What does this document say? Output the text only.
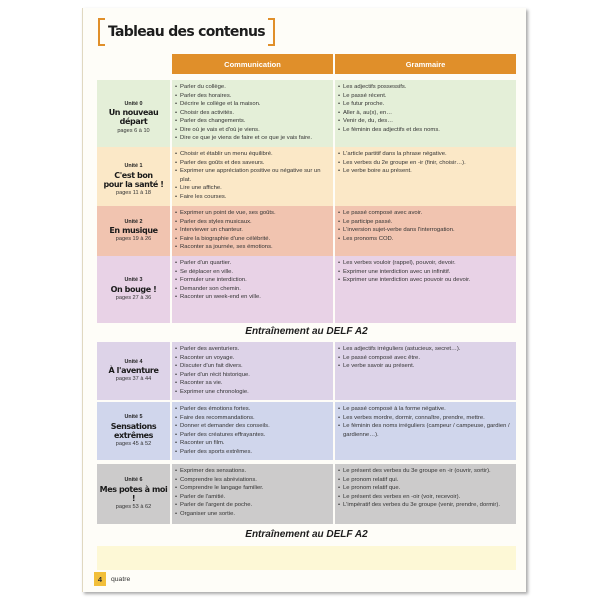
Tableau des contenus
Communication	Grammaire
Unité 0
Un nouveau
départ
pages 6 à 10
• Parler du collège.
• Parler des horaires.
• Décrire le collège et la maison.
• Choisir des activités.
• Parler des changements.
• Dire où je vais et d'où je viens.
• Dire ce que je viens de faire et ce que je vais faire.
• Les adjectifs possessifs.
• Le passé récent.
• Le futur proche.
• Aller à, au(x), en…
• Venir de, du, des…
• Le féminin des adjectifs et des noms.
Unité 1
C'est bon
pour la santé !
pages 11 à 18
• Choisir et établir un menu équilibré.
• Parler des goûts et des saveurs.
• Exprimer une appréciation positive ou négative sur un plat.
• Lire une affiche.
• Faire les courses.
• L'article partitif dans la phrase négative.
• Les verbes du 2e groupe en -ir (finir, choisir…).
• Le verbe boire au présent.
Unité 2
En musique
pages 19 à 26
• Exprimer un point de vue, ses goûts.
• Parler des styles musicaux.
• Interviewer un chanteur.
• Faire la biographie d'une célébrité.
• Raconter sa journée, ses émotions.
• Le passé composé avec avoir.
• Le participe passé.
• L'inversion sujet-verbe dans l'interrogation.
• Les pronoms COD.
Unité 3
On bouge !
pages 27 à 36
• Parler d'un quartier.
• Se déplacer en ville.
• Formuler une interdiction.
• Demander son chemin.
• Raconter un week-end en ville.
• Les verbes vouloir (rappel), pouvoir, devoir.
• Exprimer une interdiction avec un infinitif.
• Exprimer une interdiction avec pouvoir ou devoir.
Entraînement au DELF A2
Unité 4
À l'aventure
pages 37 à 44
• Parler des aventuriers.
• Raconter un voyage.
• Discuter d'un fait divers.
• Parler d'un récit historique.
• Raconter sa vie.
• Exprimer une chronologie.
• Les adjectifs irréguliers (astucieux, secret…).
• Le passé composé avec être.
• Le verbe savoir au présent.
Unité 5
Sensations
extrêmes
pages 45 à 52
• Parler des émotions fortes.
• Faire des recommandations.
• Donner et demander des conseils.
• Parler des créatures effrayantes.
• Raconter un film.
• Parler des sports extrêmes.
• Le passé composé à la forme négative.
• Les verbes mordre, dormir, connaître, prendre, mettre.
• Le féminin des noms irréguliers (campeur / campeuse, gardien / gardienne…).
Unité 6
Mes potes à moi !
pages 53 à 62
• Exprimer des sensations.
• Comprendre les abréviations.
• Comprendre le langage familier.
• Parler de l'amitié.
• Parler de l'argent de poche.
• Organiser une sortie.
• Le présent des verbes du 3e groupe en -ir (ouvrir, sortir).
• Le pronom relatif qui.
• Le pronom relatif que.
• Le présent des verbes en -oir (voir, recevoir).
• L'impératif des verbes du 3e groupe (venir, prendre, dormir).
Entraînement au DELF A2
4	quatre
